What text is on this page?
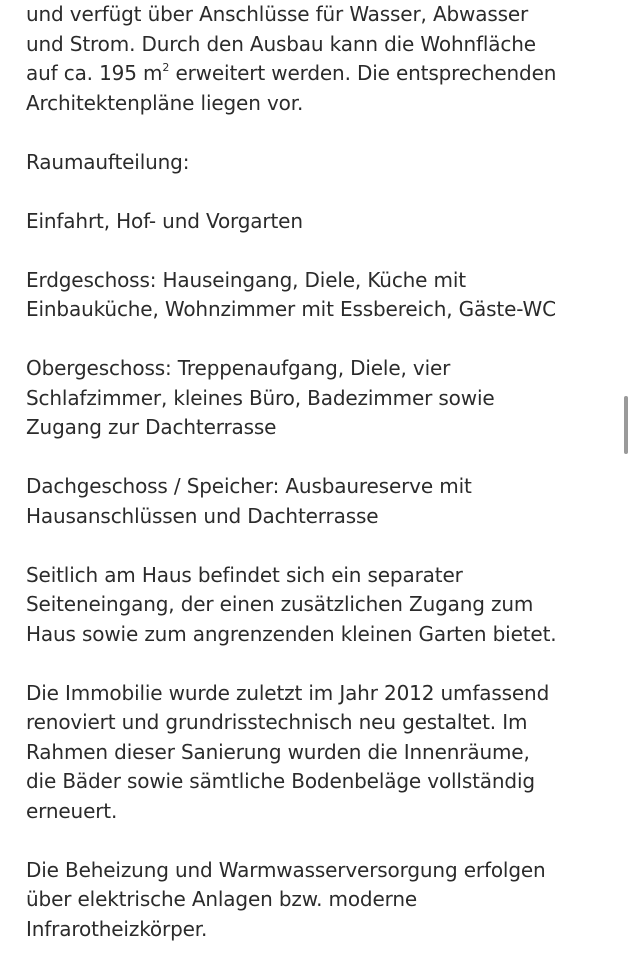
und verfügt über Anschlüsse für Wasser, Abwasser
und Strom. Durch den Ausbau kann die Wohnfläche
auf ca. 195 $m^2$ erweitert werden. Die entsprechenden
Architektenpläne liegen vor.
Raumaufteilung:
Einfahrt, Hof- und Vorgarten
Erdgeschoss: Hauseingang, Diele, Küche mit
Einbauküche, Wohnzimmer mit Essbereich, Gäste-WC
Obergeschoss: Treppenaufgang, Diele, vier
Schlafzimmer, kleines Büro, Badezimmer sowie
Zugang zur Dachterrasse
Dachgeschoss / Speicher: Ausbaureserve mit
Hausanschlüssen und Dachterrasse
Seitlich am Haus befindet sich ein separater
Seiteneingang, der einen zusätzlichen Zugang zum
Haus sowie zum angrenzenden kleinen Garten bietet.
Die Immobilie wurde zuletzt im Jahr 2012 umfassend
renoviert und grundrisstechnisch neu gestaltet. Im
Rahmen dieser Sanierung wurden die Innenräume,
die Bäder sowie sämtliche Bodenbeläge vollständig
erneuert.
Die Beheizung und Warmwasserversorgung erfolgen
über elektrische Anlagen bzw. moderne
Infrarotheizkörper.
